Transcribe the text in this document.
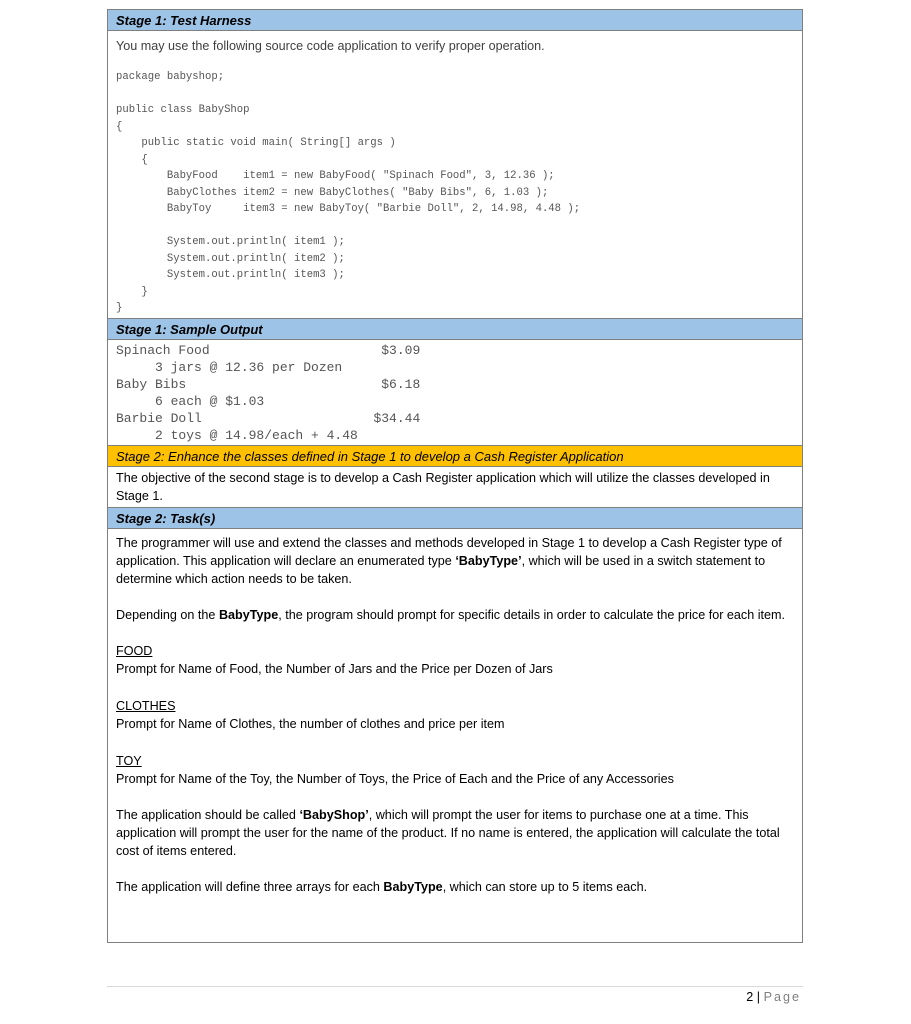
Stage 1: Test Harness
You may use the following source code application to verify proper operation.
package babyshop;

public class BabyShop
{
public static void main( String[] args )
{
BabyFood    item1 = new BabyFood( "Spinach Food", 3, 12.36 );
BabyClothes item2 = new BabyClothes( "Baby Bibs", 6, 1.03 );
BabyToy     item3 = new BabyToy( "Barbie Doll", 2, 14.98, 4.48 );

System.out.println( item1 );
System.out.println( item2 );
System.out.println( item3 );
}
}
Stage 1: Sample Output
Spinach Food                      $3.09
3 jars @ 12.36 per Dozen
Baby Bibs                         $6.18
6 each @ $1.03
Barbie Doll                      $34.44
2 toys @ 14.98/each + 4.48
Stage 2: Enhance the classes defined in Stage 1 to develop a Cash Register Application
The objective of the second stage is to develop a Cash Register application which will utilize the classes developed in Stage 1.
Stage 2: Task(s)
The programmer will use and extend the classes and methods developed in Stage 1 to develop a Cash Register type of application. This application will declare an enumerated type ‘BabyType’, which will be used in a switch statement to determine which action needs to be taken.
Depending on the BabyType, the program should prompt for specific details in order to calculate the price for each item.
FOOD
Prompt for Name of Food, the Number of Jars and the Price per Dozen of Jars
CLOTHES
Prompt for Name of Clothes, the number of clothes and price per item
TOY
Prompt for Name of the Toy, the Number of Toys, the Price of Each and the Price of any Accessories
The application should be called ‘BabyShop’, which will prompt the user for items to purchase one at a time. This application will prompt the user for the name of the product. If no name is entered, the application will calculate the total cost of items entered.
The application will define three arrays for each BabyType, which can store up to 5 items each.
2 | Page
